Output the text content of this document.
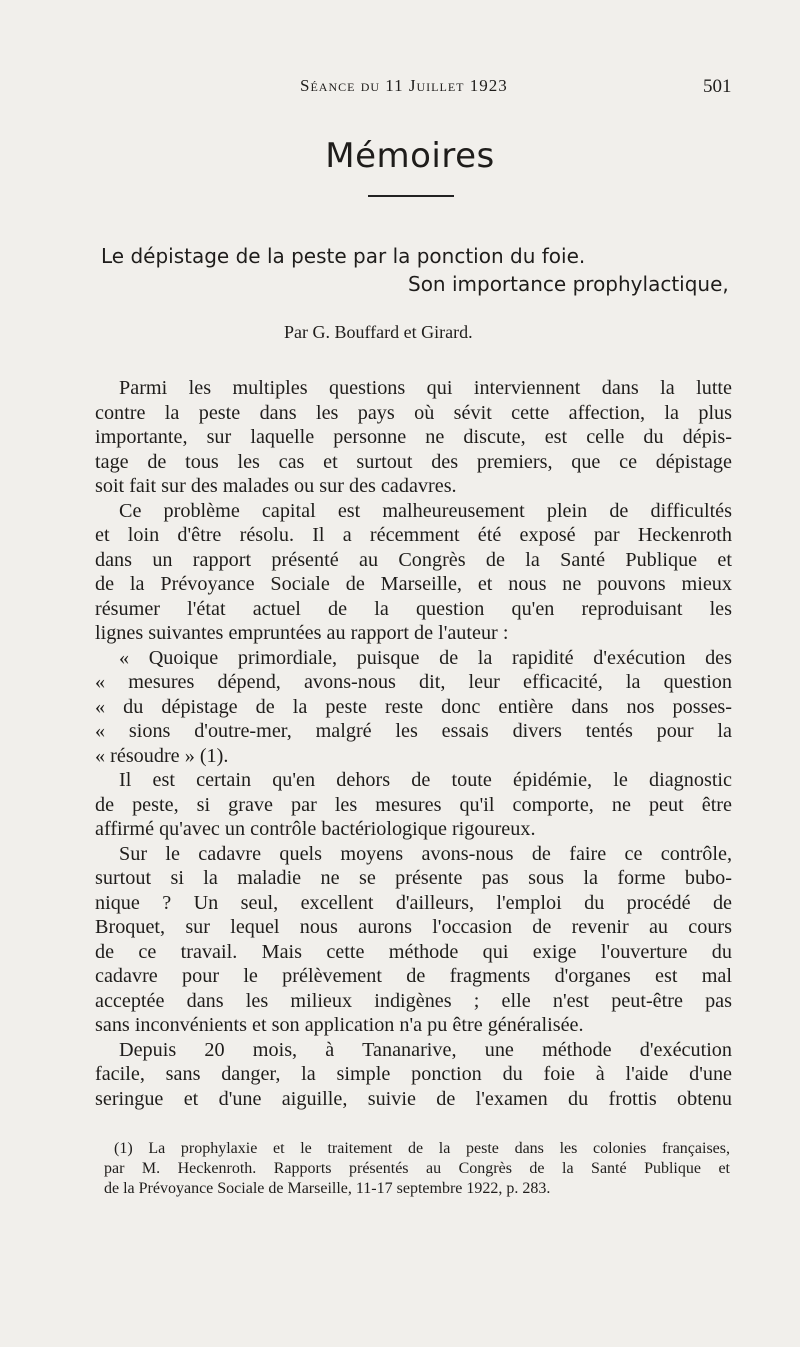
Séance du 11 Juillet 1923	501
Mémoires
Le dépistage de la peste par la ponction du foie.
Son importance prophylactique,
Par G. Bouffard et Girard.
Parmi les multiples questions qui interviennent dans la lutte
contre la peste dans les pays où sévit cette affection, la plus
importante, sur laquelle personne ne discute, est celle du dépis-
tage de tous les cas et surtout des premiers, que ce dépistage
soit fait sur des malades ou sur des cadavres.
Ce problème capital est malheureusement plein de difficultés
et loin d'être résolu. Il a récemment été exposé par Heckenroth
dans un rapport présenté au Congrès de la Santé Publique et
de la Prévoyance Sociale de Marseille, et nous ne pouvons mieux
résumer l'état actuel de la question qu'en reproduisant les
lignes suivantes empruntées au rapport de l'auteur :
« Quoique primordiale, puisque de la rapidité d'exécution des
« mesures dépend, avons-nous dit, leur efficacité, la question
« du dépistage de la peste reste donc entière dans nos posses-
« sions d'outre-mer, malgré les essais divers tentés pour la
« résoudre » (1).
Il est certain qu'en dehors de toute épidémie, le diagnostic
de peste, si grave par les mesures qu'il comporte, ne peut être
affirmé qu'avec un contrôle bactériologique rigoureux.
Sur le cadavre quels moyens avons-nous de faire ce contrôle,
surtout si la maladie ne se présente pas sous la forme bubo-
nique ? Un seul, excellent d'ailleurs, l'emploi du procédé de
Broquet, sur lequel nous aurons l'occasion de revenir au cours
de ce travail. Mais cette méthode qui exige l'ouverture du
cadavre pour le prélèvement de fragments d'organes est mal
acceptée dans les milieux indigènes ; elle n'est peut-être pas
sans inconvénients et son application n'a pu être généralisée.
Depuis 20 mois, à Tananarive, une méthode d'exécution
facile, sans danger, la simple ponction du foie à l'aide d'une
seringue et d'une aiguille, suivie de l'examen du frottis obtenu
(1) La prophylaxie et le traitement de la peste dans les colonies françaises,
par M. Heckenroth. Rapports présentés au Congrès de la Santé Publique et
de la Prévoyance Sociale de Marseille, 11-17 septembre 1922, p. 283.
